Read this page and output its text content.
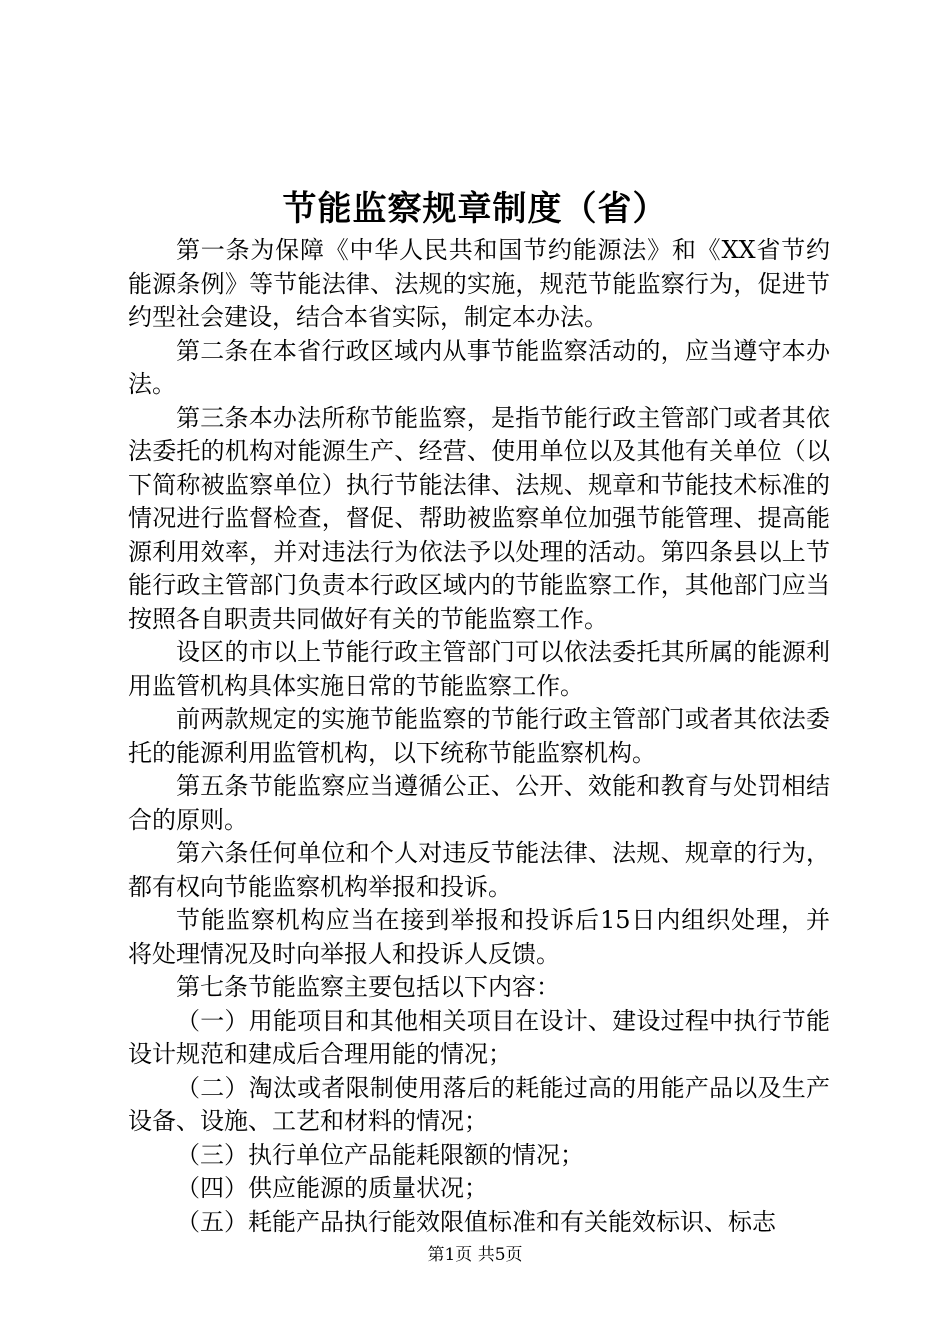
节能监察规章制度（省）

第一条为保障《中华人民共和国节约能源法》和《XX省节约能源条例》等节能法律、法规的实施，规范节能监察行为，促进节约型社会建设，结合本省实际，制定本办法。

第二条在本省行政区域内从事节能监察活动的，应当遵守本办法。

第三条本办法所称节能监察，是指节能行政主管部门或者其依法委托的机构对能源生产、经营、使用单位以及其他有关单位（以下简称被监察单位）执行节能法律、法规、规章和节能技术标准的情况进行监督检查，督促、帮助被监察单位加强节能管理、提高能源利用效率，并对违法行为依法予以处理的活动。第四条县以上节能行政主管部门负责本行政区域内的节能监察工作，其他部门应当按照各自职责共同做好有关的节能监察工作。

设区的市以上节能行政主管部门可以依法委托其所属的能源利用监管机构具体实施日常的节能监察工作。

前两款规定的实施节能监察的节能行政主管部门或者其依法委托的能源利用监管机构，以下统称节能监察机构。

第五条节能监察应当遵循公正、公开、效能和教育与处罚相结合的原则。

第六条任何单位和个人对违反节能法律、法规、规章的行为，都有权向节能监察机构举报和投诉。

节能监察机构应当在接到举报和投诉后15日内组织处理，并将处理情况及时向举报人和投诉人反馈。

第七条节能监察主要包括以下内容：

（一）用能项目和其他相关项目在设计、建设过程中执行节能设计规范和建成后合理用能的情况；

（二）淘汰或者限制使用落后的耗能过高的用能产品以及生产设备、设施、工艺和材料的情况；

（三）执行单位产品能耗限额的情况；

（四）供应能源的质量状况；

（五）耗能产品执行能效限值标准和有关能效标识、标志

第1页 共5页
